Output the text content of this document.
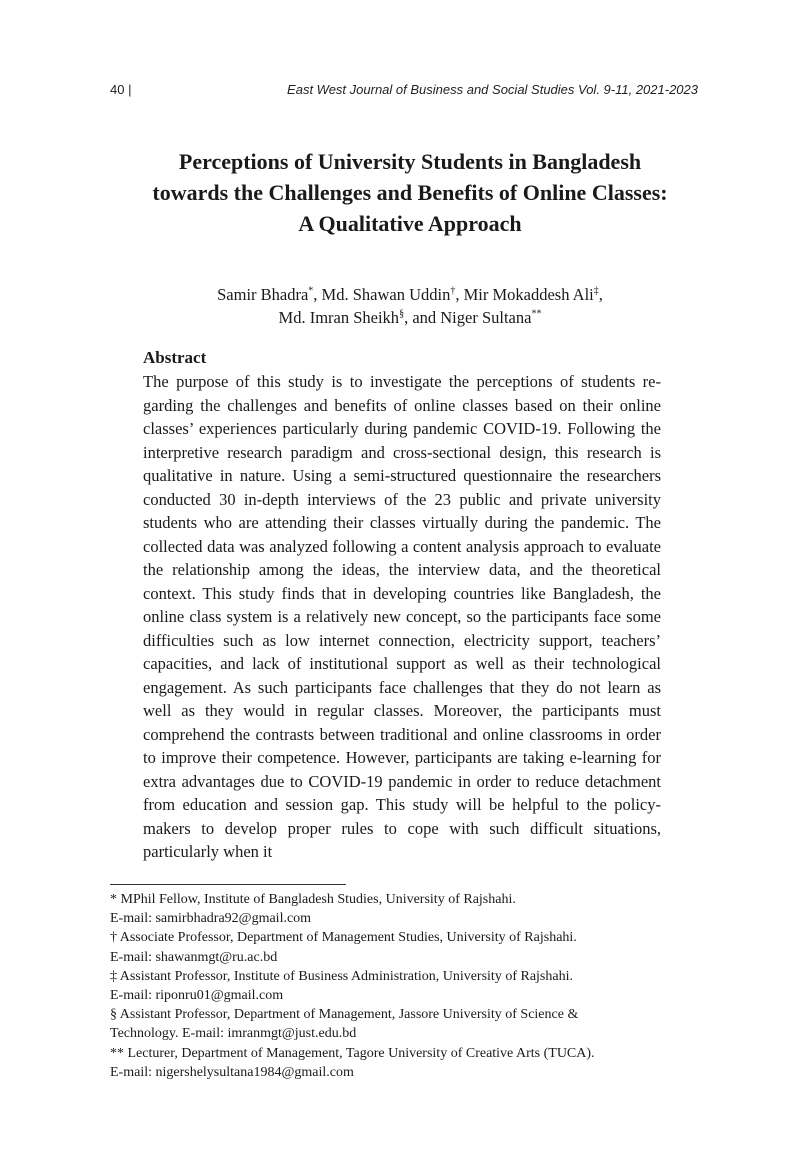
40 |	East West Journal of Business and Social Studies Vol. 9-11, 2021-2023
Perceptions of University Students in Bangladesh towards the Challenges and Benefits of Online Classes: A Qualitative Approach

Samir Bhadra*, Md. Shawan Uddin†, Mir Mokaddesh Ali‡,
Md. Imran Sheikh§, and Niger Sultana**

Abstract

The purpose of this study is to investigate the perceptions of students regarding the challenges and benefits of online classes based on their online classes’ experiences particularly during pandemic COVID-19. Following the interpretive research paradigm and cross-sectional design, this research is qualitative in nature. Using a semi-structured questionnaire the researchers conducted 30 in-depth interviews of the 23 public and private university students who are attending their classes virtually during the pandemic. The collected data was analyzed following a content analysis approach to evaluate the relationship among the ideas, the interview data, and the theoretical context. This study finds that in developing countries like Bangladesh, the online class system is a relatively new concept, so the participants face some difficulties such as low internet connection, electricity support, teachers’ capacities, and lack of institutional support as well as their technological engagement. As such participants face challenges that they do not learn as well as they would in regular classes. Moreover, the participants must comprehend the contrasts between traditional and online classrooms in order to improve their competence. However, participants are taking e-learning for extra advantages due to COVID-19 pandemic in order to reduce detachment from education and session gap. This study will be helpful to the policy-makers to develop proper rules to cope with such difficult situations, particularly when it

* MPhil Fellow, Institute of Bangladesh Studies, University of Rajshahi.
E-mail: samirbhadra92@gmail.com
† Associate Professor, Department of Management Studies, University of Rajshahi.
E-mail: shawanmgt@ru.ac.bd
‡ Assistant Professor, Institute of Business Administration, University of Rajshahi.
E-mail: riponru01@gmail.com
§ Assistant Professor, Department of Management, Jassore University of Science &
Technology. E-mail: imranmgt@just.edu.bd
** Lecturer, Department of Management, Tagore University of Creative Arts (TUCA).
E-mail: nigershelysultana1984@gmail.com
